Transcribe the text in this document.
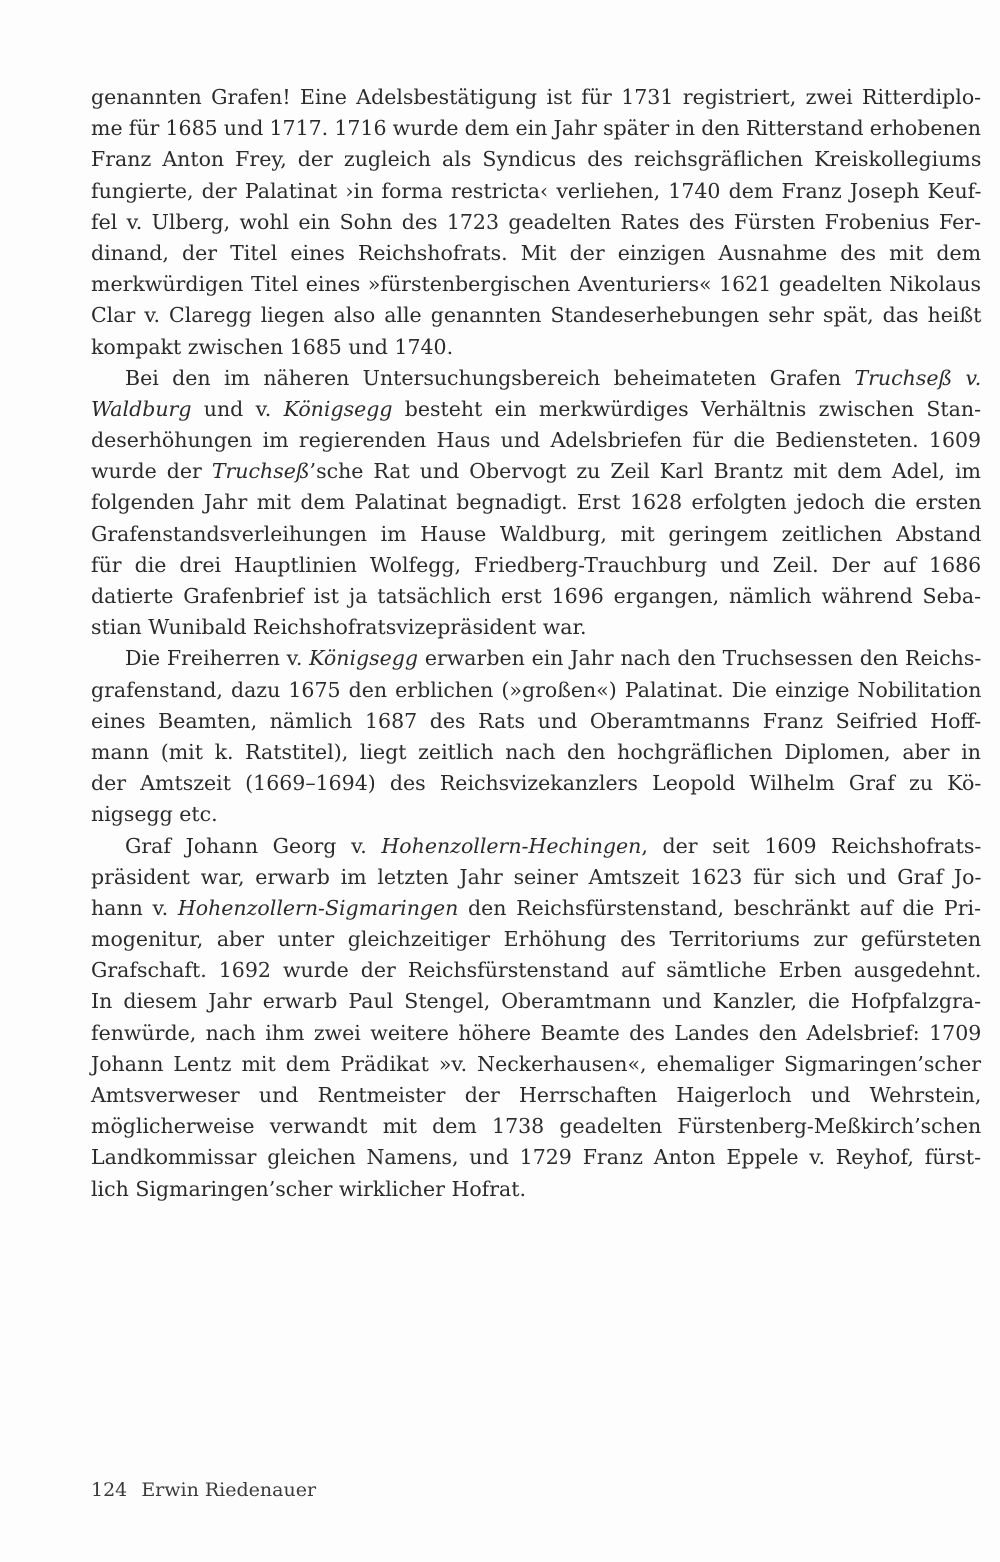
genannten Grafen! Eine Adelsbestätigung ist für 1731 registriert, zwei Ritterdiplo-
me für 1685 und 1717. 1716 wurde dem ein Jahr später in den Ritterstand erhobenen
Franz Anton Frey, der zugleich als Syndicus des reichsgräflichen Kreiskollegiums
fungierte, der Palatinat ›in forma restricta‹ verliehen, 1740 dem Franz Joseph Keuf-
fel v. Ulberg, wohl ein Sohn des 1723 geadelten Rates des Fürsten Frobenius Fer-
dinand, der Titel eines Reichshofrats. Mit der einzigen Ausnahme des mit dem
merkwürdigen Titel eines »fürstenbergischen Aventuriers« 1621 geadelten Nikolaus
Clar v. Claregg liegen also alle genannten Standeserhebungen sehr spät, das heißt
kompakt zwischen 1685 und 1740.
Bei den im näheren Untersuchungsbereich beheimateten Grafen Truchseß v.
Waldburg und v. Königsegg besteht ein merkwürdiges Verhältnis zwischen Stan-
deserhöhungen im regierenden Haus und Adelsbriefen für die Bediensteten. 1609
wurde der Truchseß’sche Rat und Obervogt zu Zeil Karl Brantz mit dem Adel, im
folgenden Jahr mit dem Palatinat begnadigt. Erst 1628 erfolgten jedoch die ersten
Grafenstandsverleihungen im Hause Waldburg, mit geringem zeitlichen Abstand
für die drei Hauptlinien Wolfegg, Friedberg-Trauchburg und Zeil. Der auf 1686
datierte Grafenbrief ist ja tatsächlich erst 1696 ergangen, nämlich während Seba-
stian Wunibald Reichshofratsvizepräsident war.
Die Freiherren v. Königsegg erwarben ein Jahr nach den Truchsessen den Reichs-
grafenstand, dazu 1675 den erblichen (»großen«) Palatinat. Die einzige Nobilitation
eines Beamten, nämlich 1687 des Rats und Oberamtmanns Franz Seifried Hoff-
mann (mit k. Ratstitel), liegt zeitlich nach den hochgräflichen Diplomen, aber in
der Amtszeit (1669–1694) des Reichsvizekanzlers Leopold Wilhelm Graf zu Kö-
nigsegg etc.
Graf Johann Georg v. Hohenzollern-Hechingen, der seit 1609 Reichshofrats-
präsident war, erwarb im letzten Jahr seiner Amtszeit 1623 für sich und Graf Jo-
hann v. Hohenzollern-Sigmaringen den Reichsfürstenstand, beschränkt auf die Pri-
mogenitur, aber unter gleichzeitiger Erhöhung des Territoriums zur gefürsteten
Grafschaft. 1692 wurde der Reichsfürstenstand auf sämtliche Erben ausgedehnt.
In diesem Jahr erwarb Paul Stengel, Oberamtmann und Kanzler, die Hofpfalzgra-
fenwürde, nach ihm zwei weitere höhere Beamte des Landes den Adelsbrief: 1709
Johann Lentz mit dem Prädikat »v. Neckerhausen«, ehemaliger Sigmaringen’scher
Amtsverweser und Rentmeister der Herrschaften Haigerloch und Wehrstein,
möglicherweise verwandt mit dem 1738 geadelten Fürstenberg-Meßkirch’schen
Landkommissar gleichen Namens, und 1729 Franz Anton Eppele v. Reyhof, fürst-
lich Sigmaringen’scher wirklicher Hofrat.
124 Erwin Riedenauer
